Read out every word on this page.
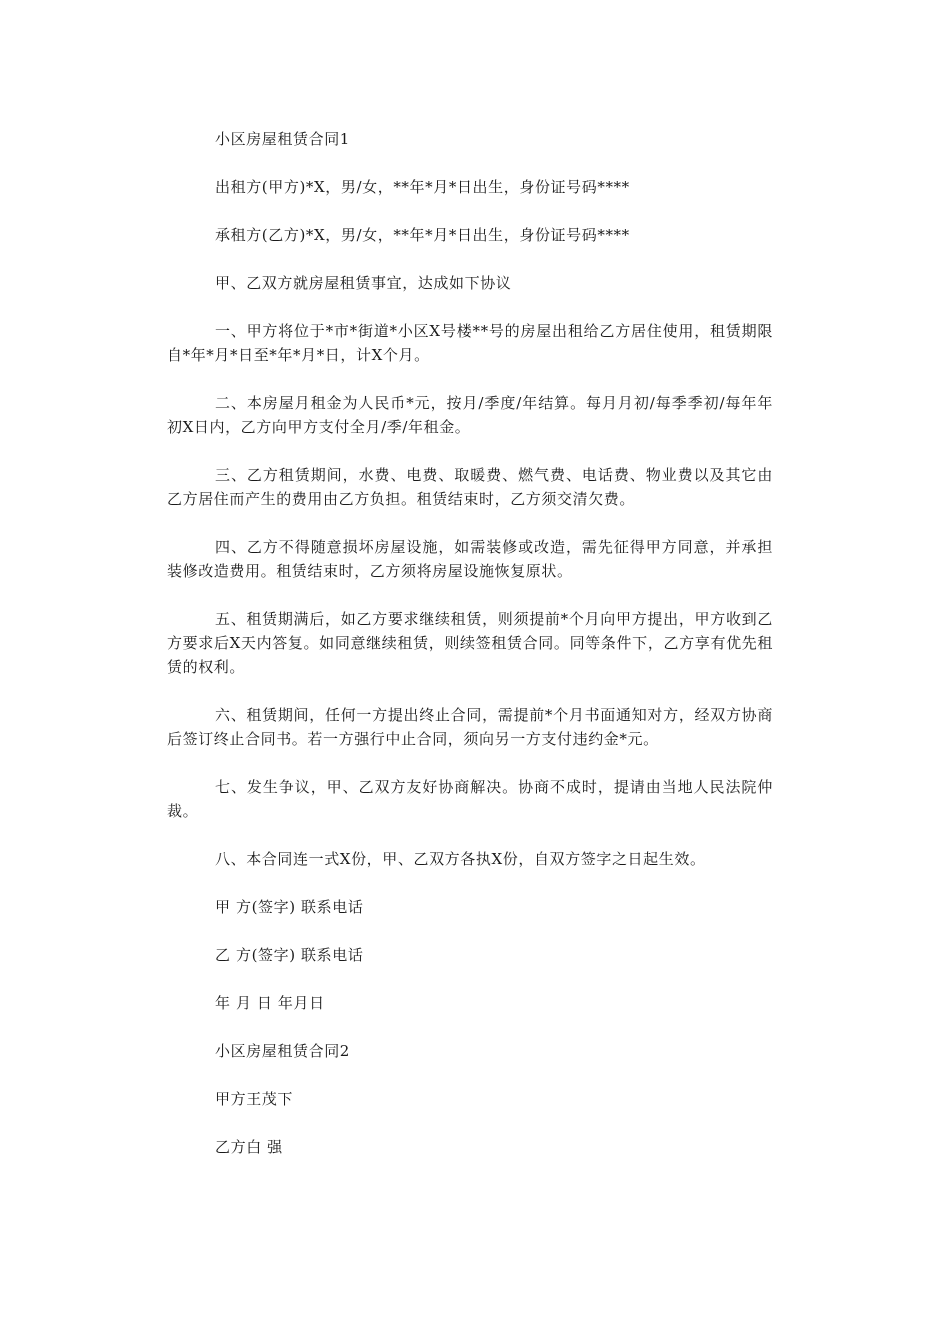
小区房屋租赁合同1

出租方(甲方)*X，男/女，**年*月*日出生，身份证号码****

承租方(乙方)*X，男/女，**年*月*日出生，身份证号码****

甲、乙双方就房屋租赁事宜，达成如下协议

一、甲方将位于*市*街道*小区X号楼**号的房屋出租给乙方居住使用，租赁期限自*年*月*日至*年*月*日，计X个月。

二、本房屋月租金为人民币*元，按月/季度/年结算。每月月初/每季季初/每年年初X日内，乙方向甲方支付全月/季/年租金。

三、乙方租赁期间，水费、电费、取暖费、燃气费、电话费、物业费以及其它由乙方居住而产生的费用由乙方负担。租赁结束时，乙方须交清欠费。

四、乙方不得随意损坏房屋设施，如需装修或改造，需先征得甲方同意，并承担装修改造费用。租赁结束时，乙方须将房屋设施恢复原状。

五、租赁期满后，如乙方要求继续租赁，则须提前*个月向甲方提出，甲方收到乙方要求后X天内答复。如同意继续租赁，则续签租赁合同。同等条件下，乙方享有优先租赁的权利。

六、租赁期间，任何一方提出终止合同，需提前*个月书面通知对方，经双方协商后签订终止合同书。若一方强行中止合同，须向另一方支付违约金*元。

七、发生争议，甲、乙双方友好协商解决。协商不成时，提请由当地人民法院仲裁。

八、本合同连一式X份，甲、乙双方各执X份，自双方签字之日起生效。

甲 方(签字) 联系电话

乙 方(签字) 联系电话

年 月 日 年月日

小区房屋租赁合同2

甲方王茂下

乙方白 强
